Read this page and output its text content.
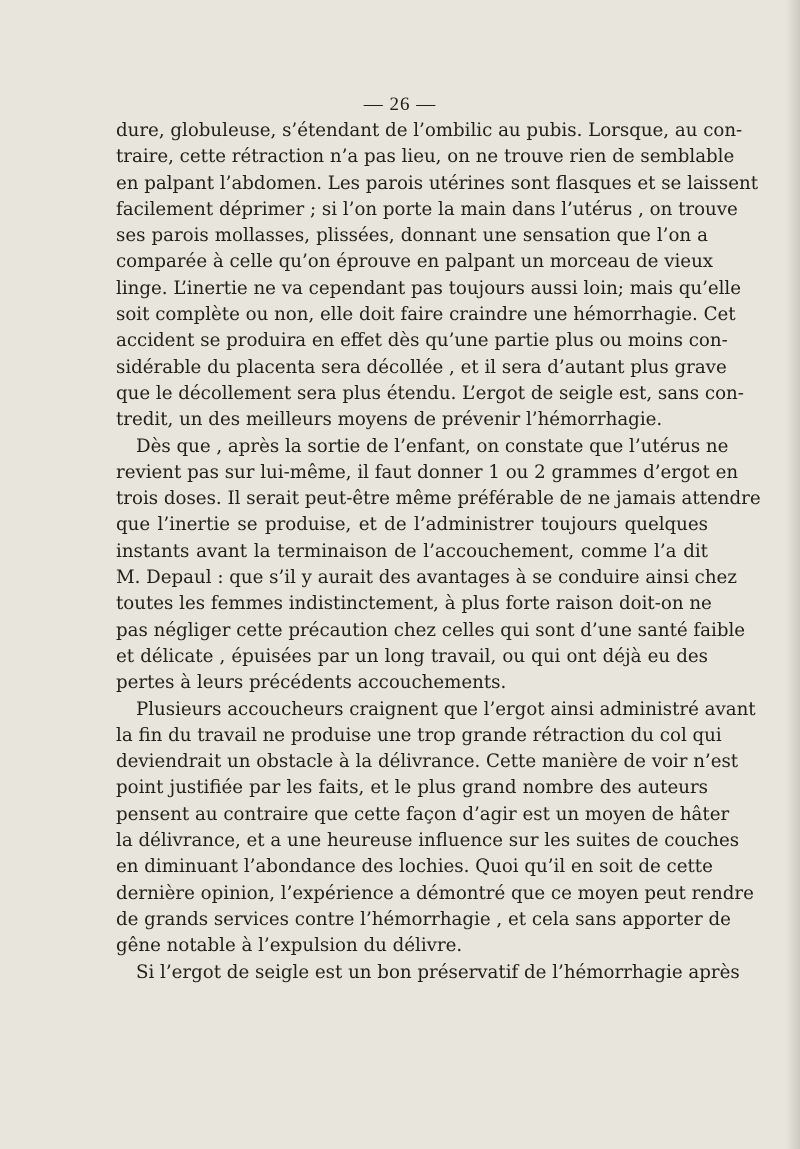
— 26 —

dure, globuleuse, s’étendant de l’ombilic au pubis. Lorsque, au con-
traire, cette rétraction n’a pas lieu, on ne trouve rien de semblable
en palpant l’abdomen. Les parois utérines sont flasques et se laissent
facilement déprimer ; si l’on porte la main dans l’utérus , on trouve
ses parois mollasses, plissées, donnant une sensation que l’on a
comparée à celle qu’on éprouve en palpant un morceau de vieux
linge. L’inertie ne va cependant pas toujours aussi loin; mais qu’elle
soit complète ou non, elle doit faire craindre une hémorrhagie. Cet
accident se produira en effet dès qu’une partie plus ou moins con-
sidérable du placenta sera décollée , et il sera d’autant plus grave
que le décollement sera plus étendu. L’ergot de seigle est, sans con-
tredit, un des meilleurs moyens de prévenir l’hémorrhagie.

Dès que , après la sortie de l’enfant, on constate que l’utérus ne
revient pas sur lui-même, il faut donner 1 ou 2 grammes d’ergot en
trois doses. Il serait peut-être même préférable de ne jamais attendre
que l’inertie se produise, et de l’administrer toujours quelques
instants avant la terminaison de l’accouchement, comme l’a dit
M. Depaul : que s’il y aurait des avantages à se conduire ainsi chez
toutes les femmes indistinctement, à plus forte raison doit-on ne
pas négliger cette précaution chez celles qui sont d’une santé faible
et délicate , épuisées par un long travail, ou qui ont déjà eu des
pertes à leurs précédents accouchements.

Plusieurs accoucheurs craignent que l’ergot ainsi administré avant
la fin du travail ne produise une trop grande rétraction du col qui
deviendrait un obstacle à la délivrance. Cette manière de voir n’est
point justifiée par les faits, et le plus grand nombre des auteurs
pensent au contraire que cette façon d’agir est un moyen de hâter
la délivrance, et a une heureuse influence sur les suites de couches
en diminuant l’abondance des lochies. Quoi qu’il en soit de cette
dernière opinion, l’expérience a démontré que ce moyen peut rendre
de grands services contre l’hémorrhagie , et cela sans apporter de
gêne notable à l’expulsion du délivre.

Si l’ergot de seigle est un bon préservatif de l’hémorrhagie après
